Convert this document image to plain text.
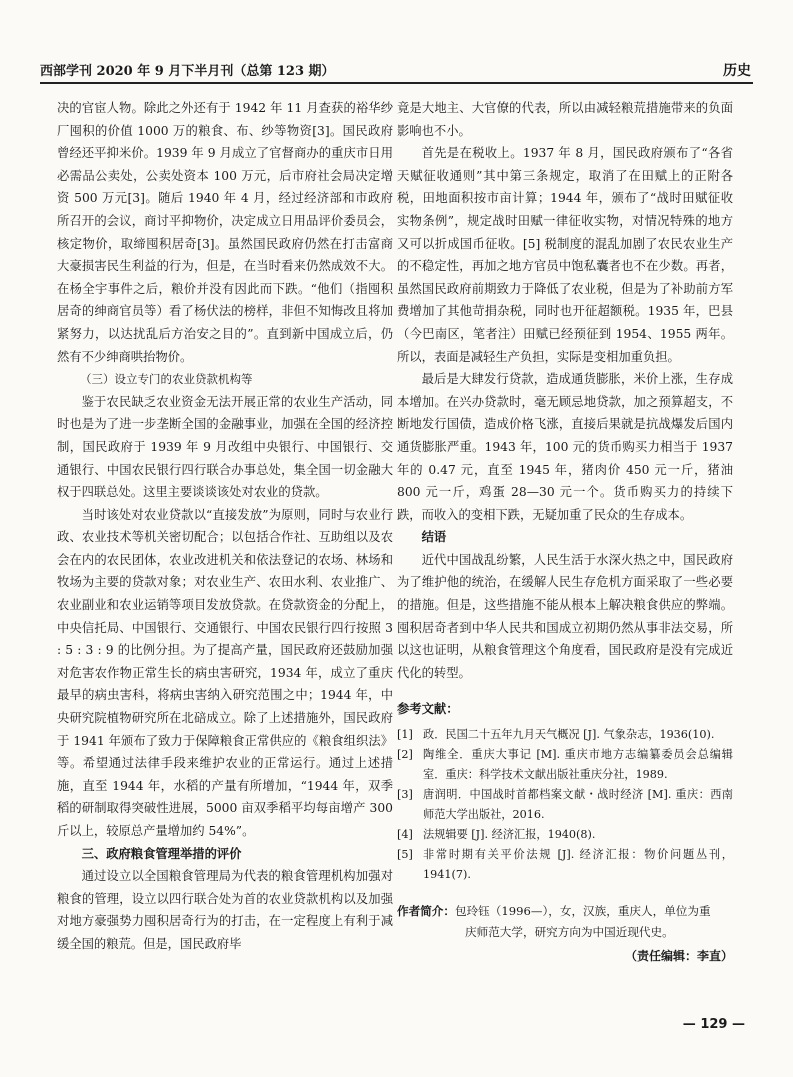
西部学刊 2020 年 9 月下半月刊（总第 123 期）	历史

决的官宦人物。除此之外还有于 1942 年 11 月查获的裕华纱厂囤积的价值 1000 万的粮食、布、纱等物资[3]。国民政府曾经还平抑米价。1939 年 9 月成立了官督商办的重庆市日用必需品公卖处，公卖处资本 100 万元，后市府社会局决定增资 500 万元[3]。随后 1940 年 4 月，经过经济部和市政府所召开的会议，商讨平抑物价，决定成立日用品评价委员会，核定物价，取缔囤积居奇[3]。虽然国民政府仍然在打击富商大豪损害民生利益的行为，但是，在当时看来仍然成效不大。在杨全宇事件之后，粮价并没有因此而下跌。“他们（指囤积居奇的绅商官员等）看了杨伏法的榜样，非但不知悔改且将加紧努力，以达扰乱后方治安之目的”。直到新中国成立后，仍然有不少绅商哄抬物价。

（三）设立专门的农业贷款机构等

鉴于农民缺乏农业资金无法开展正常的农业生产活动，同时也是为了进一步垄断全国的金融事业，加强在全国的经济控制，国民政府于 1939 年 9 月改组中央银行、中国银行、交通银行、中国农民银行四行联合办事总处，集全国一切金融大权于四联总处。这里主要谈谈该处对农业的贷款。

当时该处对农业贷款以“直接发放”为原则，同时与农业行政、农业技术等机关密切配合；以包括合作社、互助组以及农会在内的农民团体，农业改进机关和依法登记的农场、林场和牧场为主要的贷款对象；对农业生产、农田水利、农业推广、农业副业和农业运销等项目发放贷款。在贷款资金的分配上，中央信托局、中国银行、交通银行、中国农民银行四行按照 3 : 5 : 3 : 9 的比例分担。为了提高产量，国民政府还鼓励加强对危害农作物正常生长的病虫害研究，1934 年，成立了重庆最早的病虫害科，将病虫害纳入研究范围之中；1944 年，中央研究院植物研究所在北碚成立。除了上述措施外，国民政府于 1941 年颁布了致力于保障粮食正常供应的《粮食组织法》等。希望通过法律手段来维护农业的正常运行。通过上述措施，直至 1944 年，水稻的产量有所增加，“1944 年，双季稻的研制取得突破性进展，5000 亩双季稻平均每亩增产 300 斤以上，较原总产量增加约 54%”。

三、政府粮食管理举措的评价

通过设立以全国粮食管理局为代表的粮食管理机构加强对粮食的管理，设立以四行联合处为首的农业贷款机构以及加强对地方豪强势力囤积居奇行为的打击，在一定程度上有利于减缓全国的粮荒。但是，国民政府毕

竟是大地主、大官僚的代表，所以由减轻粮荒措施带来的负面影响也不小。

首先是在税收上。1937 年 8 月，国民政府颁布了“各省天赋征收通则”其中第三条规定，取消了在田赋上的正附各税，田地面积按市亩计算；1944 年，颁布了“战时田赋征收实物条例”，规定战时田赋一律征收实物，对情况特殊的地方又可以折成国币征收。[5] 税制度的混乱加剧了农民农业生产的不稳定性，再加之地方官员中饱私囊者也不在少数。再者，虽然国民政府前期致力于降低了农业税，但是为了补助前方军费增加了其他苛捐杂税，同时也开征超额税。1935 年，巴县（今巴南区，笔者注）田赋已经预征到 1954、1955 两年。所以，表面是减轻生产负担，实际是变相加重负担。

最后是大肆发行贷款，造成通货膨胀，米价上涨，生存成本增加。在兴办贷款时，毫无顾忌地贷款，加之预算超支，不断地发行国债，造成价格飞涨，直接后果就是抗战爆发后国内通货膨胀严重。1943 年，100 元的货币购买力相当于 1937 年的 0.47 元，直至 1945 年，猪肉价 450 元一斤，猪油 800 元一斤，鸡蛋 28—30 元一个。货币购买力的持续下跌，而收入的变相下跌，无疑加重了民众的生存成本。

结语

近代中国战乱纷繁，人民生活于水深火热之中，国民政府为了维护他的统治，在缓解人民生存危机方面采取了一些必要的措施。但是，这些措施不能从根本上解决粮食供应的弊端。囤积居奇者到中华人民共和国成立初期仍然从事非法交易，所以这也证明，从粮食管理这个角度看，国民政府是没有完成近代化的转型。

参考文献：
[1] 政．民国二十五年九月天气概况 [J]. 气象杂志，1936(10).
[2] 陶维全．重庆大事记 [M]. 重庆市地方志编纂委员会总编辑室．重庆：科学技术文献出版社重庆分社，1989.
[3] 唐润明．中国战时首都档案文献・战时经济 [M]. 重庆：西南师范大学出版社，2016.
[4] 法规辑要 [J]. 经济汇报，1940(8).
[5] 非常时期有关平价法规 [J]. 经济汇报：物价问题丛刊，1941(7).
作者简介：包玲钰（1996—），女，汉族，重庆人，单位为重
庆师范大学，研究方向为中国近现代史。
（责任编辑：李直）
— 129 —
